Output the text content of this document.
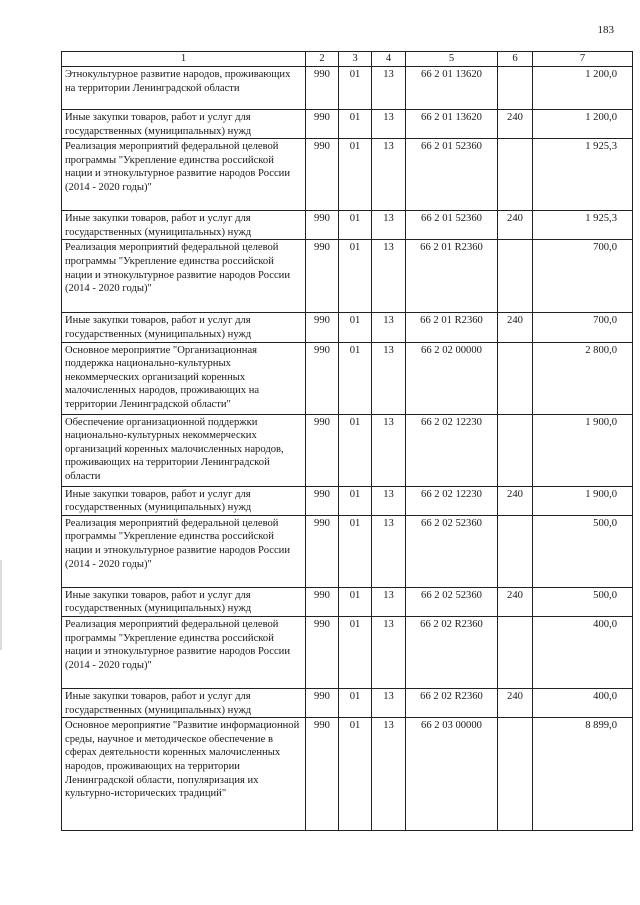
183
1	2	3	4	5	6	7
Этнокультурное развитие народов, проживающих на территории Ленинградской области	990	01	13	66 2 01 13620		1 200,0
Иные закупки товаров, работ и услуг для государственных (муниципальных) нужд	990	01	13	66 2 01 13620	240	1 200,0
Реализация мероприятий федеральной целевой программы "Укрепление единства российской нации и этнокультурное развитие народов России (2014 - 2020 годы)"	990	01	13	66 2 01 52360		1 925,3
Иные закупки товаров, работ и услуг для государственных (муниципальных) нужд	990	01	13	66 2 01 52360	240	1 925,3
Реализация мероприятий федеральной целевой программы "Укрепление единства российской нации и этнокультурное развитие народов России (2014 - 2020 годы)"	990	01	13	66 2 01 R2360		700,0
Иные закупки товаров, работ и услуг для государственных (муниципальных) нужд	990	01	13	66 2 01 R2360	240	700,0
Основное мероприятие "Организационная поддержка национально-культурных некоммерческих организаций коренных малочисленных народов, проживающих на территории Ленинградской области"	990	01	13	66 2 02 00000		2 800,0
Обеспечение организационной поддержки национально-культурных некоммерческих организаций коренных малочисленных народов, проживающих на территории Ленинградской области	990	01	13	66 2 02 12230		1 900,0
Иные закупки товаров, работ и услуг для государственных (муниципальных) нужд	990	01	13	66 2 02 12230	240	1 900,0
Реализация мероприятий федеральной целевой программы "Укрепление единства российской нации и этнокультурное развитие народов России (2014 - 2020 годы)"	990	01	13	66 2 02 52360		500,0
Иные закупки товаров, работ и услуг для государственных (муниципальных) нужд	990	01	13	66 2 02 52360	240	500,0
Реализация мероприятий федеральной целевой программы "Укрепление единства российской нации и этнокультурное развитие народов России (2014 - 2020 годы)"	990	01	13	66 2 02 R2360		400,0
Иные закупки товаров, работ и услуг для государственных (муниципальных) нужд	990	01	13	66 2 02 R2360	240	400,0
Основное мероприятие "Развитие информационной среды, научное и методическое обеспечение в сферах деятельности коренных малочисленных народов, проживающих на территории Ленинградской области, популяризация их культурно-исторических традиций"	990	01	13	66 2 03 00000		8 899,0
